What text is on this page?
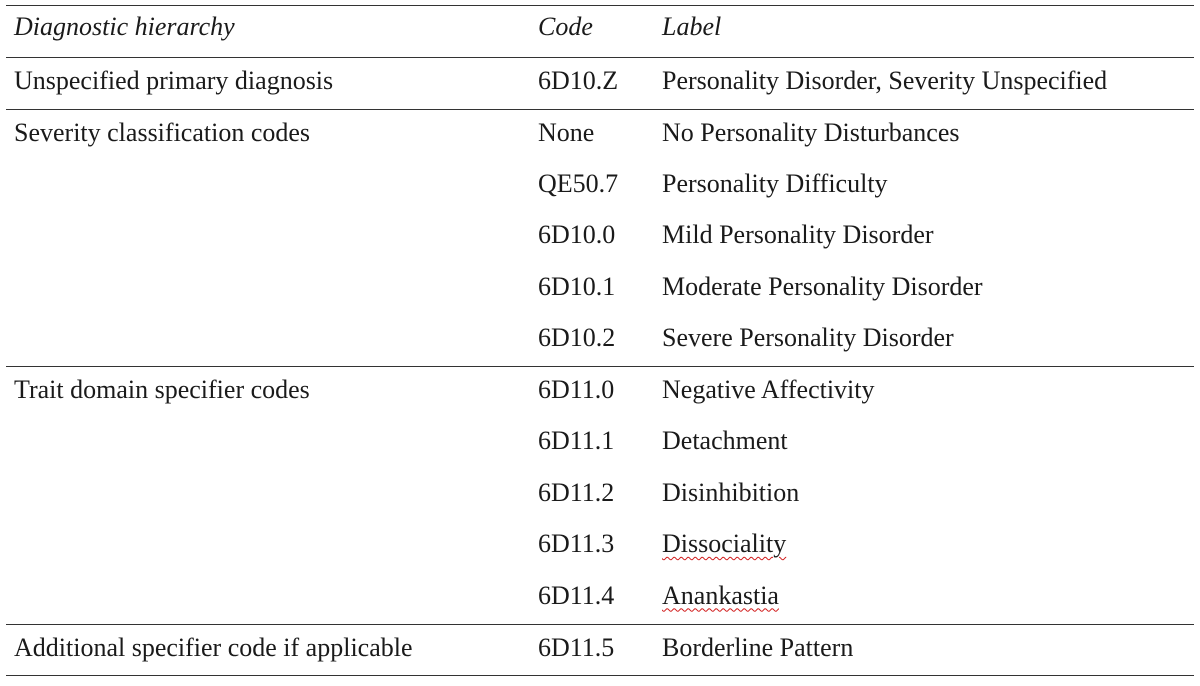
Diagnostic hierarchy	Code	Label
Unspecified primary diagnosis	6D10.Z	Personality Disorder, Severity Unspecified
Severity classification codes	None	No Personality Disturbances
	QE50.7	Personality Difficulty
	6D10.0	Mild Personality Disorder
	6D10.1	Moderate Personality Disorder
	6D10.2	Severe Personality Disorder
Trait domain specifier codes	6D11.0	Negative Affectivity
	6D11.1	Detachment
	6D11.2	Disinhibition
	6D11.3	Dissociality
	6D11.4	Anankastia
Additional specifier code if applicable	6D11.5	Borderline Pattern
